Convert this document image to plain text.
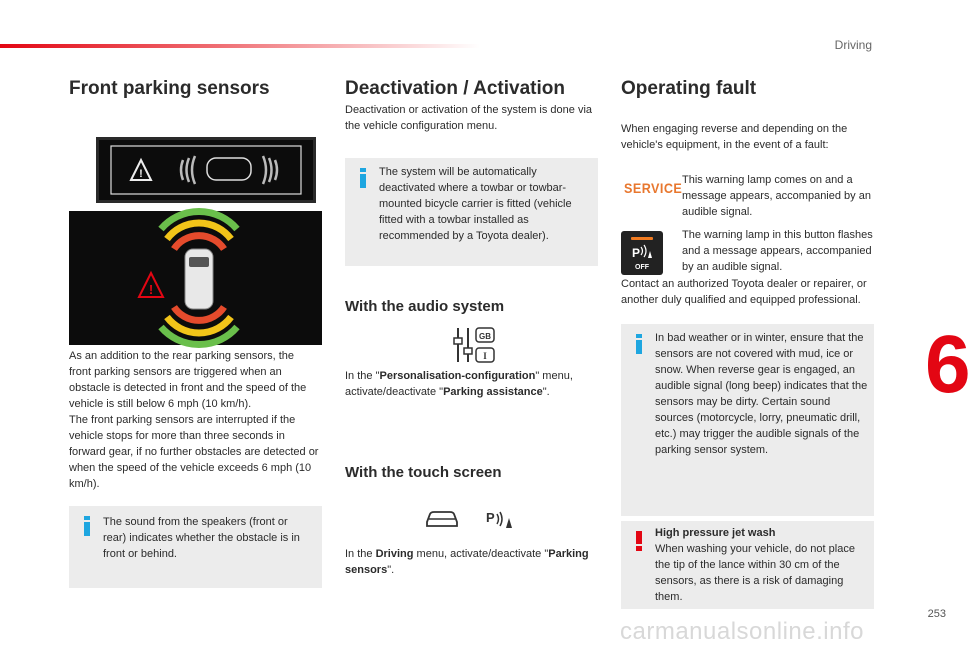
Driving
6
253
Front parking sensors
!
!
As an addition to the rear parking sensors, the front parking sensors are triggered when an obstacle is detected in front and the speed of the vehicle is still below 6 mph (10 km/h).
The front parking sensors are interrupted if the vehicle stops for more than three seconds in forward gear, if no further obstacles are detected or when the speed of the vehicle exceeds 6 mph (10 km/h).
The sound from the speakers (front or rear) indicates whether the obstacle is in front or behind.
Deactivation / Activation
Deactivation or activation of the system is done via the vehicle configuration menu.
The system will be automatically deactivated where a towbar or towbar-mounted bicycle carrier is fitted (vehicle fitted with a towbar installed as recommended by a Toyota dealer).
With the audio system
GB
I
In the "Personalisation-configuration" menu, activate/deactivate "Parking assistance".
With the touch screen
P
In the Driving menu, activate/deactivate "Parking sensors".
Operating fault
When engaging reverse and depending on the vehicle's equipment, in the event of a fault:
SERVICE This warning lamp comes on and a message appears, accompanied by an audible signal.
P
OFF
The warning lamp in this button flashes and a message appears, accompanied by an audible signal.
Contact an authorized Toyota dealer or repairer, or another duly qualified and equipped professional.
In bad weather or in winter, ensure that the sensors are not covered with mud, ice or snow. When reverse gear is engaged, an audible signal (long beep) indicates that the sensors may be dirty. Certain sound sources (motorcycle, lorry, pneumatic drill, etc.) may trigger the audible signals of the parking sensor system.
High pressure jet wash
When washing your vehicle, do not place the tip of the lance within 30 cm of the sensors, as there is a risk of damaging them.
carmanualsonline.info
